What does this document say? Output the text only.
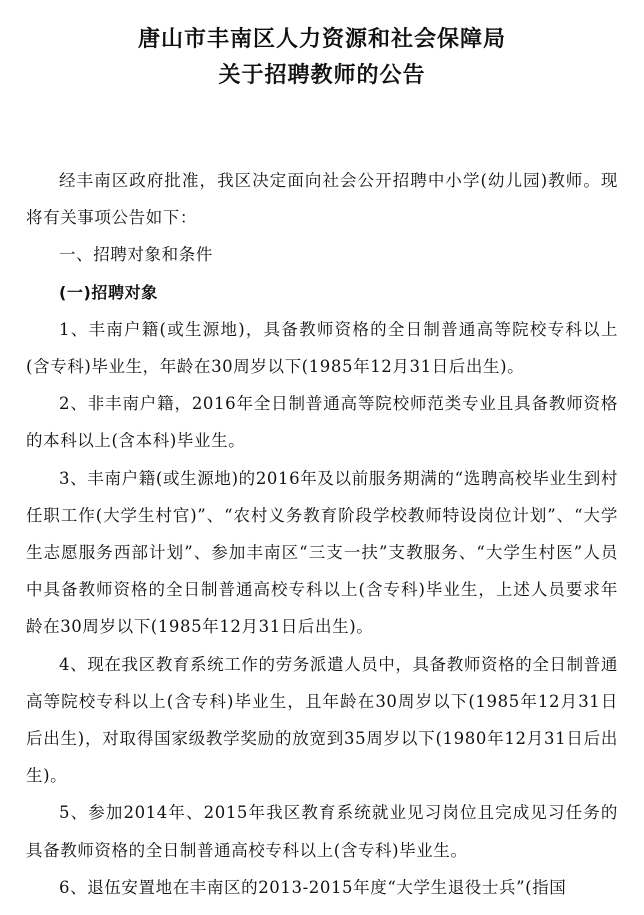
唐山市丰南区人力资源和社会保障局
关于招聘教师的公告

经丰南区政府批准，我区决定面向社会公开招聘中小学(幼儿园)教师。现将有关事项公告如下：

一、招聘对象和条件

(一)招聘对象

1、丰南户籍(或生源地)，具备教师资格的全日制普通高等院校专科以上(含专科)毕业生，年龄在30周岁以下(1985年12月31日后出生)。

2、非丰南户籍，2016年全日制普通高等院校师范类专业且具备教师资格的本科以上(含本科)毕业生。

3、丰南户籍(或生源地)的2016年及以前服务期满的“选聘高校毕业生到村任职工作(大学生村官)”、“农村义务教育阶段学校教师特设岗位计划”、“大学生志愿服务西部计划”、参加丰南区“三支一扶”支教服务、“大学生村医”人员中具备教师资格的全日制普通高校专科以上(含专科)毕业生，上述人员要求年龄在30周岁以下(1985年12月31日后出生)。

4、现在我区教育系统工作的劳务派遣人员中，具备教师资格的全日制普通高等院校专科以上(含专科)毕业生，且年龄在30周岁以下(1985年12月31日后出生)，对取得国家级教学奖励的放宽到35周岁以下(1980年12月31日后出生)。

5、参加2014年、2015年我区教育系统就业见习岗位且完成见习任务的具备教师资格的全日制普通高校专科以上(含专科)毕业生。

6、退伍安置地在丰南区的2013-2015年度“大学生退役士兵”(指国
